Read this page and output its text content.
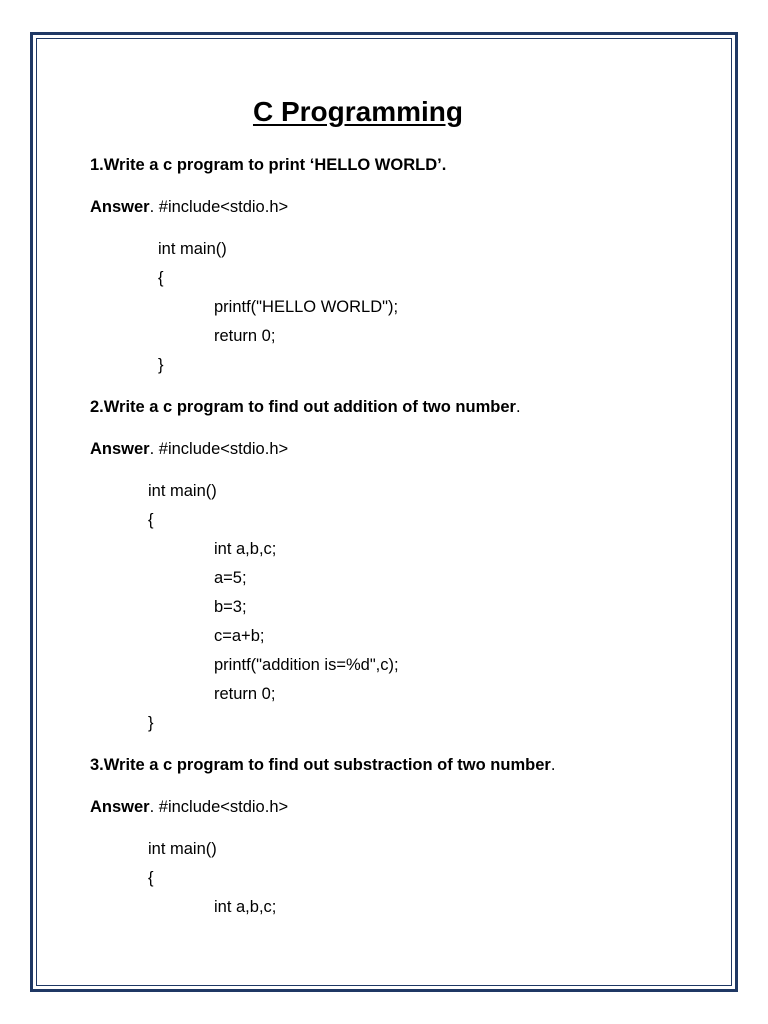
C Programming
1.Write a c program to print ‘HELLO WORLD’.
Answer. #include<stdio.h>
int main()
{
printf("HELLO WORLD");
return 0;
}
2.Write a c program to find out addition of two number.
Answer. #include<stdio.h>
int main()
{
int a,b,c;
a=5;
b=3;
c=a+b;
printf("addition is=%d",c);
return 0;
}
3.Write a c program to find out substraction of two number.
Answer. #include<stdio.h>
int main()
{
int a,b,c;
